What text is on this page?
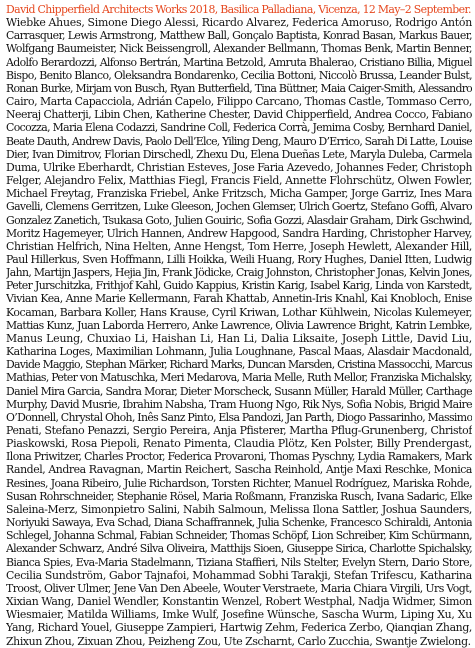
David Chipperfield Architects Works 2018, Basilica Palladiana, Vicenza, 12 May–2 September.
Wiebke Ahues, Simone Diego Alessi, Ricardo Alvarez, Federica Amoruso, Rodrigo Antón
Carrasquer, Lewis Armstrong, Matthew Ball, Gonçalo Baptista, Konrad Basan, Markus Bauer,
Wolfgang Baumeister, Nick Beissengroll, Alexander Bellmann, Thomas Benk, Martin Benner,
Adolfo Berardozzi, Alfonso Bertrán, Martina Betzold, Amruta Bhalerao, Cristiano Billia, Miguel
Bispo, Benito Blanco, Oleksandra Bondarenko, Cecilia Bottoni, Niccolò Brussa, Leander Bulst,
Ronan Burke, Mirjam von Busch, Ryan Butterfield, Tina Büttner, Maia Caiger-Smith, Alessandro
Cairo, Marta Capacciola, Adrián Capelo, Filippo Carcano, Thomas Castle, Tommaso Cerro,
Neeraj Chatterji, Libin Chen, Katherine Chester, David Chipperfield, Andrea Cocco, Fabiano
Cocozza, Maria Elena Codazzi, Sandrine Coll, Federica Corrà, Jemima Cosby, Bernhard Daniel,
Beate Dauth, Andrew Davis, Paolo Dell’Elce, Yiling Deng, Mauro D’Errico, Sarah Di Latte, Louise
Dier, Ivan Dimitrov, Florian Dirschedl, Zhexu Du, Elena Dueñas Lete, Maryla Duleba, Carmela
Duma, Ulrike Eberhardt, Christian Esteves, Jose Faria Azevedo, Johannes Feder, Christoph
Felger, Alejandro Felix, Matthias Fiegl, Francis Field, Annette Flohrschütz, Olwen Fowler,
Michael Freytag, Franziska Friebel, Anke Fritzsch, Micha Gamper, Jorge Garriz, Ines Mara
Gavelli, Clemens Gerritzen, Luke Gleeson, Jochen Glemser, Ulrich Goertz, Stefano Goffi, Alvaro
Gonzalez Zanetich, Tsukasa Goto, Julien Gouiric, Sofia Gozzi, Alasdair Graham, Dirk Gschwind,
Moritz Hagemeyer, Ulrich Hannen, Andrew Hapgood, Sandra Harding, Christopher Harvey,
Christian Helfrich, Nina Helten, Anne Hengst, Tom Herre, Joseph Hewlett, Alexander Hill,
Paul Hillerkus, Sven Hoffmann, Lilli Hoikka, Weili Huang, Rory Hughes, Daniel Itten, Ludwig
Jahn, Martijn Jaspers, Hejia Jin, Frank Jödicke, Craig Johnston, Christopher Jonas, Kelvin Jones,
Peter Jurschitzka, Frithjof Kahl, Guido Kappius, Kristin Karig, Isabel Karig, Linda von Karstedt,
Vivian Kea, Anne Marie Kellermann, Farah Khattab, Annetin-Iris Knahl, Kai Knobloch, Enise
Kocaman, Barbara Koller, Hans Krause, Cyril Kriwan, Lothar Kühlwein, Nicolas Kulemeyer,
Mattias Kunz, Juan Laborda Herrero, Anke Lawrence, Olivia Lawrence Bright, Katrin Lembke,
Manus Leung, Chuxiao Li, Haishan Li, Han Li, Dalia Liksaite, Joseph Little, David Liu,
Katharina Loges, Maximilian Lohmann, Julia Loughnane, Pascal Maas, Alasdair Macdonald,
Davide Maggio, Stephan Märker, Richard Marks, Duncan Marsden, Cristina Massocchi, Marcus
Mathias, Peter von Matuschka, Meri Medarova, Maria Melle, Ruth Mellor, Franziska Michalsky,
Daniel Mira Garcia, Sandra Morar, Dieter Morscheck, Susann Müller, Harald Müller, Carthage
Murphy, David Musrie, Ibrahim Nabsha, Tram Huong Ngo, Rik Nys, Sofia Nobis, Brigid Maire
O’Donnell, Chrystal Ohoh, Inês Sanz Pinto, Elsa Pandozi, Jan Parth, Diogo Passarinho, Massimo
Penati, Stefano Penazzi, Sergio Pereira, Anja Pfisterer, Martha Pflug-Grunenberg, Christof
Piaskowski, Rosa Piepoli, Renato Pimenta, Claudia Plötz, Ken Polster, Billy Prendergast,
Ilona Priwitzer, Charles Proctor, Federica Provaroni, Thomas Pyschny, Lydia Ramakers, Mark
Randel, Andrea Ravagnan, Martin Reichert, Sascha Reinhold, Antje Maxi Reschke, Monica
Resines, Joana Ribeiro, Julie Richardson, Torsten Richter, Manuel Rodríguez, Mariska Rohde,
Susan Rohrschneider, Stephanie Rösel, Maria Roßmann, Franziska Rusch, Ivana Sadaric, Elke
Saleina-Merz, Simonpietro Salini, Nabih Salmoun, Melissa Ilona Sattler, Joshua Saunders,
Noriyuki Sawaya, Eva Schad, Diana Schaffrannek, Julia Schenke, Francesco Schiraldi, Antonia
Schlegel, Johanna Schmal, Fabian Schneider, Thomas Schöpf, Lion Schreiber, Kim Schürmann,
Alexander Schwarz, André Silva Oliveira, Matthijs Sioen, Giuseppe Sirica, Charlotte Spichalsky,
Bianca Spies, Eva-Maria Stadelmann, Tiziana Staffieri, Nils Stelter, Evelyn Stern, Dario Store,
Cecilia Sundström, Gabor Tajnafoi, Mohammad Sobhi Tarakji, Stefan Trifescu, Katharina
Troost, Oliver Ulmer, Jene Van Den Abeele, Wouter Verstraete, Maria Chiara Virgili, Urs Vogt,
Xixian Wang, Daniel Wendler, Konstantin Wenzel, Robert Westphal, Nadja Widmer, Simon
Wiesmaier, Matilda Williams, Imke Wulf, Josefine Wünsche, Sascha Wurm, Liping Xu, Xu
Yang, Richard Youel, Giuseppe Zampieri, Hartwig Zehm, Federica Zerbo, Qianqian Zhang,
Zhixun Zhou, Zixuan Zhou, Peizheng Zou, Ute Zscharnt, Carlo Zucchia, Swantje Zwielong.
